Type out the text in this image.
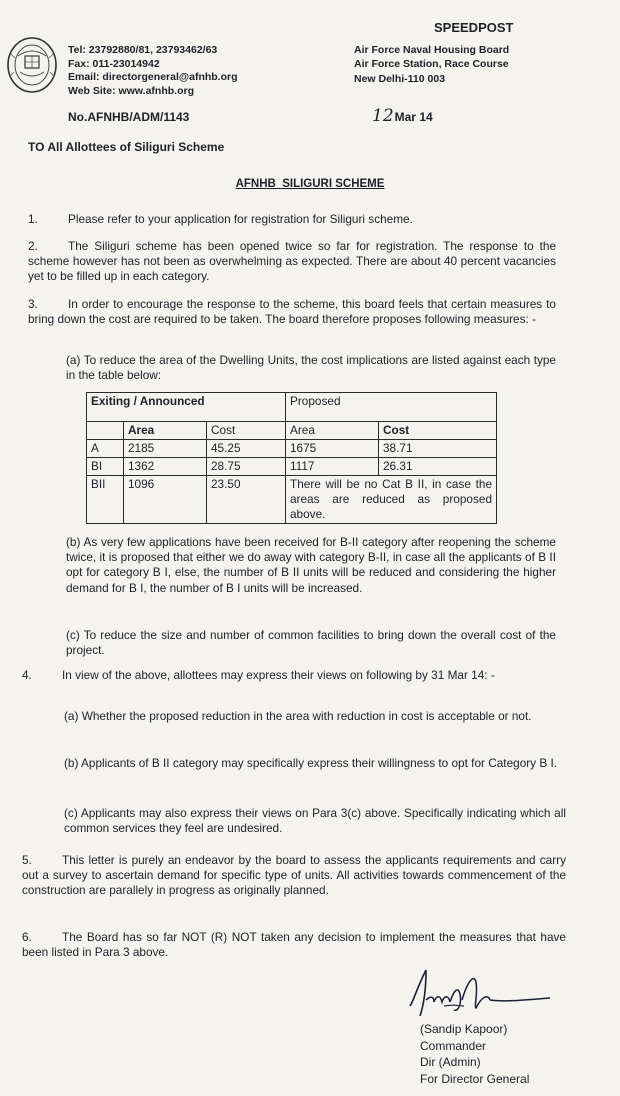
Tel: 23792880/81, 23793462/63
Fax: 011-23014942
Email: directorgeneral@afnhb.org
Web Site: www.afnhb.org
SPEEDPOST
Air Force Naval Housing Board
Air Force Station, Race Course
New Delhi-110 003
No.AFNHB/ADM/1143	12Mar 14
TO All Allottees of Siliguri Scheme
AFNHB  SILIGURI SCHEME
1.	Please refer to your application for registration for Siliguri scheme.
2.	The Siliguri scheme has been opened twice so far for registration. The response to the scheme however has not been as overwhelming as expected. There are about 40 percent vacancies yet to be filled up in each category.
3.	In order to encourage the response to the scheme, this board feels that certain measures to bring down the cost are required to be taken. The board therefore proposes following measures: -
(a) To reduce the area of the Dwelling Units, the cost implications are listed against each type in the table below:
Exiting / Announced			Proposed	
	Area	Cost	Area	Cost
A	2185	45.25	1675	38.71
BI	1362	28.75	1117	26.31
BII	1096	23.50	There will be no Cat B II, in case the areas are reduced as proposed above.	
(b) As very few applications have been received for B-II category after reopening the scheme twice, it is proposed that either we do away with category B-II, in case all the applicants of B II opt for category B I, else, the number of B II units will be reduced and considering the higher demand for B I, the number of B I units will be increased.
(c) To reduce the size and number of common facilities to bring down the overall cost of the project.
4.	In view of the above, allottees may express their views on following by 31 Mar 14: -
(a) Whether the proposed reduction in the area with reduction in cost is acceptable or not.
(b) Applicants of B II category may specifically express their willingness to opt for Category B I.
(c) Applicants may also express their views on Para 3(c) above. Specifically indicating which all common services they feel are undesired.
5.	This letter is purely an endeavor by the board to assess the applicants requirements and carry out a survey to ascertain demand for specific type of units. All activities towards commencement of the construction are parallely in progress as originally planned.
6.	The Board has so far NOT (R) NOT taken any decision to implement the measures that have been listed in Para 3 above.
(Sandip Kapoor)
Commander
Dir (Admin)
For Director General
